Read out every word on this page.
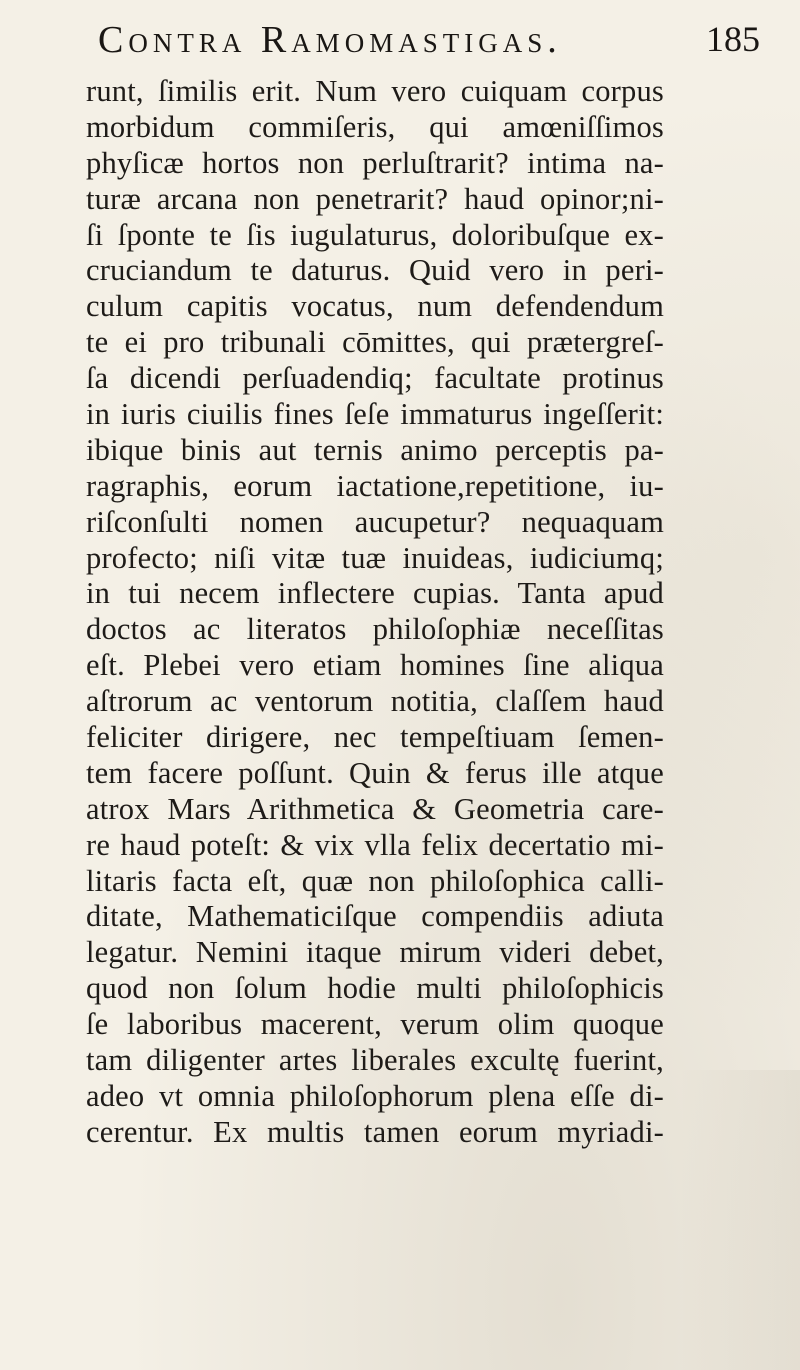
Contra Ramomastigas.	185
runt, ſimilis erit. Num vero cuiquam corpus
morbidum commiſeris, qui amœniſſimos
phyſicæ hortos non perluſtrarit? intima na-
turæ arcana non penetrarit? haud opinor;ni-
ſi ſponte te ſis iugulaturus, doloribuſque ex-
cruciandum te daturus. Quid vero in peri-
culum capitis vocatus, num defendendum
te ei pro tribunali cōmittes, qui prætergreſ-
ſa dicendi perſuadendiq; facultate protinus
in iuris ciuilis fines ſeſe immaturus ingeſſerit:
ibique binis aut ternis animo perceptis pa-
ragraphis, eorum iactatione,repetitione, iu-
riſconſulti nomen aucupetur? nequaquam
profecto; niſi vitæ tuæ inuideas, iudiciumq;
in tui necem inflectere cupias. Tanta apud
doctos ac literatos philoſophiæ neceſſitas
eſt. Plebei vero etiam homines ſine aliqua
aſtrorum ac ventorum notitia, claſſem haud
feliciter dirigere, nec tempeſtiuam ſemen-
tem facere poſſunt. Quin & ferus ille atque
atrox Mars Arithmetica & Geometria care-
re haud poteſt: & vix vlla felix decertatio mi-
litaris facta eſt, quæ non philoſophica calli-
ditate, Mathematiciſque compendiis adiuta
legatur. Nemini itaque mirum videri debet,
quod non ſolum hodie multi philoſophicis
ſe laboribus macerent, verum olim quoque
tam diligenter artes liberales excultę fuerint,
adeo vt omnia philoſophorum plena eſſe di-
cerentur. Ex multis tamen eorum myriadi-
